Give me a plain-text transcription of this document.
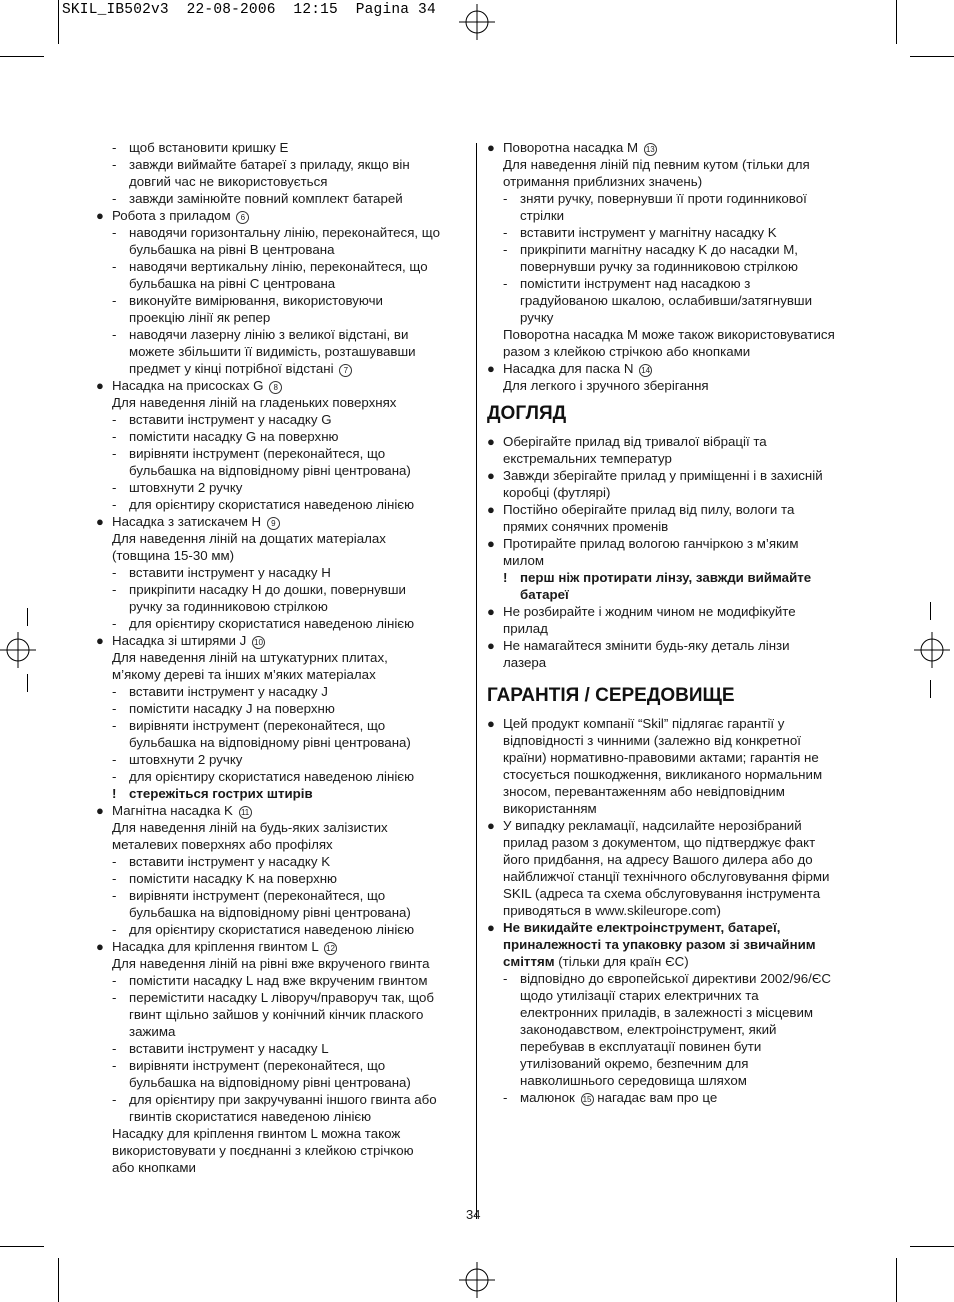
SKIL_IB502v3  22-08-2006  12:15  Pagina 34
- щоб встановити кришку E
- завжди виймайте батареї з приладу, якщо він
довгий час не використовується
- завжди замінюйте повний комплект батарей
● Робота з приладом 6
- наводячи горизонтальну лінію, переконайтеся, що
бульбашка на рівні B центрована
- наводячи вертикальну лінію, переконайтеся, що
бульбашка на рівні C центрована
- виконуйте вимірювання, використовуючи
проекцію лінії як репер
- наводячи лазерну лінію з великої відстані, ви
можете збільшити її видимість, розташувавши
предмет у кінці потрібної відстані 7
● Насадка на присосках G 8
Для наведення ліній на гладеньких поверхнях
- вставити інструмент у насадку G
- помістити насадку G на поверхню
- вирівняти інструмент (переконайтеся, що
бульбашка на відповідному рівні центрована)
- штовхнути 2 ручку
- для орієнтиру скористатися наведеною лінією
● Насадка з затискачем H 9
Для наведення ліній на дощатих матеріалах
(товщина 15-30 мм)
- вставити інструмент у насадку H
- прикріпити насадку H до дошки, повернувши
ручку за годинниковою стрілкою
- для орієнтиру скористатися наведеною лінією
● Насадка зі штирями J 10
Для наведення ліній на штукатурних плитах,
м’якому дереві та інших м’яких матеріалах
- вставити інструмент у насадку J
- помістити насадку J на поверхню
- вирівняти інструмент (переконайтеся, що
бульбашка на відповідному рівні центрована)
- штовхнути 2 ручку
- для орієнтиру скористатися наведеною лінією
! стережіться гострих штирів
● Магнітна насадка K 11
Для наведення ліній на будь-яких залізистих
металевих поверхнях або профілях
- вставити інструмент у насадку K
- помістити насадку K на поверхню
- вирівняти інструмент (переконайтеся, що
бульбашка на відповідному рівні центрована)
- для орієнтиру скористатися наведеною лінією
● Насадка для кріплення гвинтом L 12
Для наведення ліній на рівні вже вкрученого гвинта
- помістити насадку L над вже вкрученим гвинтом
- перемістити насадку L ліворуч/праворуч так, щоб
гвинт щільно зайшов у конічний кінчик плаского
зажима
- вставити інструмент у насадку L
- вирівняти інструмент (переконайтеся, що
бульбашка на відповідному рівні центрована)
- для орієнтиру при закручуванні іншого гвинта або
гвинтів скористатися наведеною лінією
Насадку для кріплення гвинтом L можна також
використовувати у поєднанні з клейкою стрічкою
або кнопками
● Поворотна насадка M 13
Для наведення ліній під певним кутом (тільки для
отримання приблизних значень)
- зняти ручку, повернувши її проти годинникової
стрілки
- вставити інструмент у магнітну насадку K
- прикріпити магнітну насадку K до насадки M,
повернувши ручку за годинниковою стрілкою
- помістити інструмент над насадкою з
градуйованою шкалою, ослабивши/затягнувши
ручку
Поворотна насадка M може також використовуватися
разом з клейкою стрічкою або кнопками
● Насадка для паска N 14
Для легкого і зручного зберігання
ДОГЛЯД
● Оберігайте прилад від тривалої вібрації та
екстремальних температур
● Завжди зберігайте прилад у приміщенні і в захисній
коробці (футлярі)
● Постійно оберігайте прилад від пилу, вологи та
прямих сонячних променів
● Протирайте прилад вологою ганчіркою з м’яким
милом
! перш ніж протирати лінзу, завжди виймайте
батареї
● Не розбирайте і жодним чином не модифікуйте
прилад
● Не намагайтеся змінити будь-яку деталь лінзи
лазера
ГАРАНТІЯ / СЕРЕДОВИЩЕ
● Цей продукт компанії “Skil” підлягає гарантії у
відповідності з чинними (залежно від конкретної
країни) нормативно-правовими актами; гарантія не
стосується пошкодження, викликаного нормальним
зносом, перевантаженням або невідповідним
використанням
● У випадку рекламації, надсилайте нерозібраний
прилад разом з документом, що підтверджує факт
його придбання, на адресу Вашого дилера або до
найближчої станції технічного обслуговування фірми
SKIL (адреса та схема обслуговування інструмента
приводяться в www.skileurope.com)
● Не викидайте електроінструмент, батареї,
приналежності та упаковку разом зі звичайним
сміттям (тільки для країн ЄС)
- відповідно до європейської директиви 2002/96/ЄС
щодо утилізації старих електричних та
електронних приладів, в залежності з місцевим
законодавством, електроінструмент, який
перебував в експлуатації повинен бути
утилізований окремо, безпечним для
навколишнього середовища шляхом
- малюнок 15 нагадає вам про це
34
